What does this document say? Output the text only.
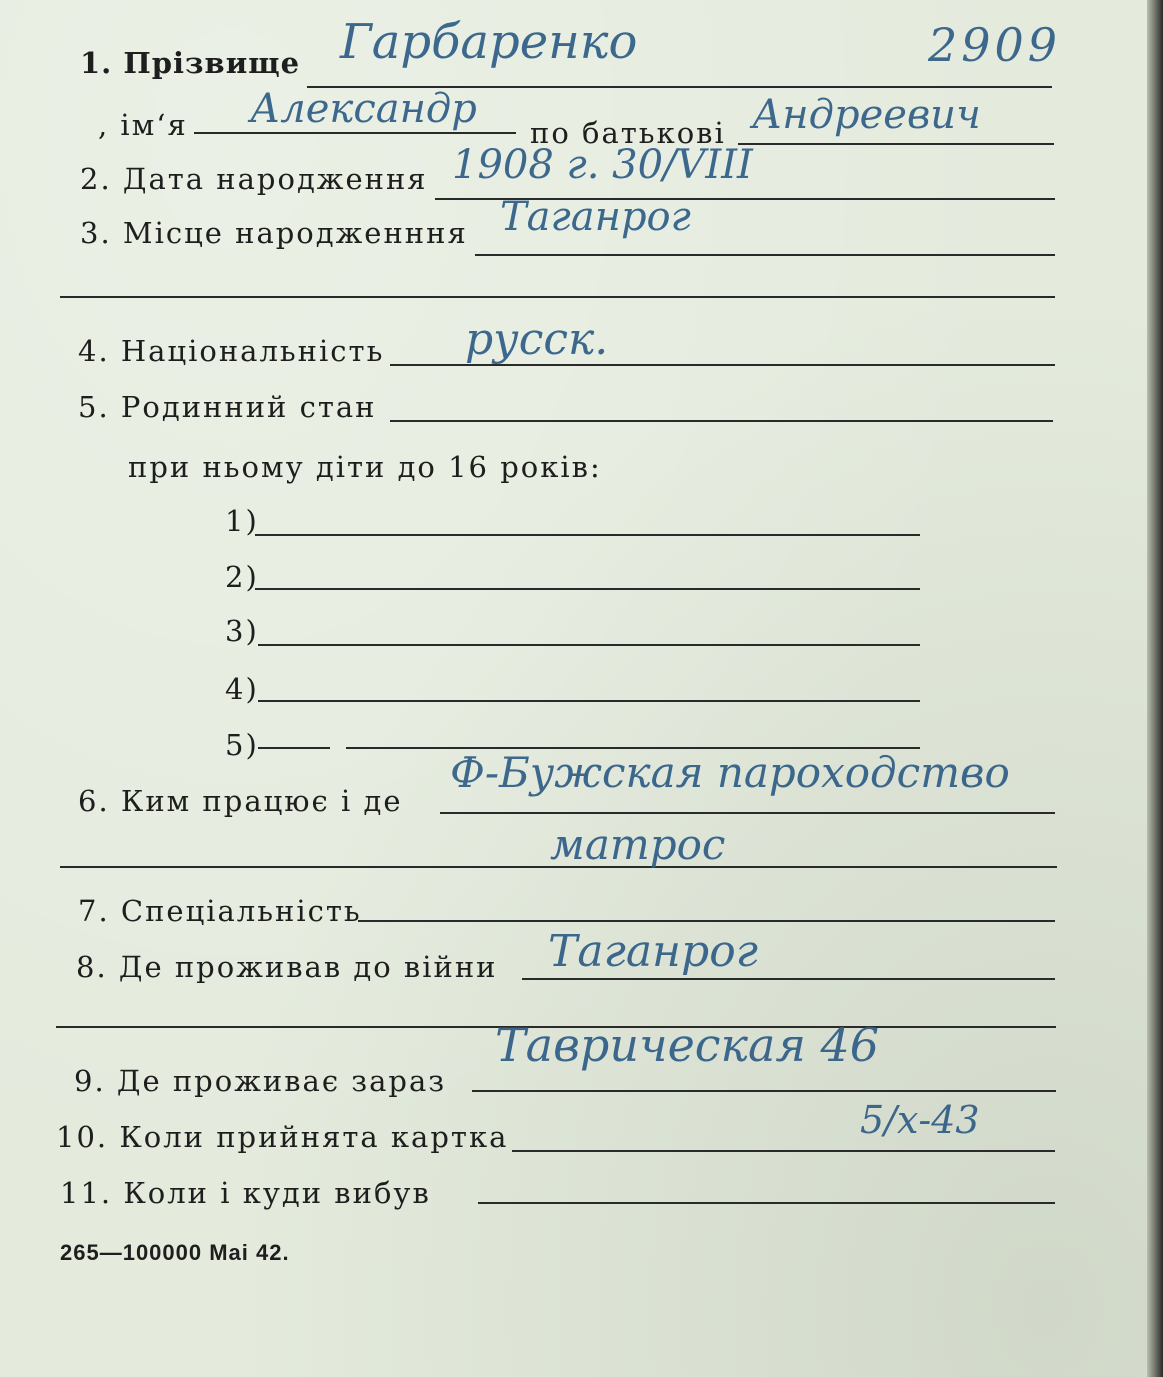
2909
1. Прізвище Гарбаренко
, ім‘я Александр
по батькові Андреевич
2. Дата народження 1908 г. 30/VIII
3. Місце народженння Таганрог
4. Національність русск.
5. Родинний стан
при ньому діти до 16 років:
1)
2)
3)
4)
5)
6. Ким працює і де
Ф-Бужская пароходство
матрос
7. Спеціальність
8. Де проживав до війни Таганрог
9. Де проживає зараз
Таврическая 46
10. Коли прийнята картка	5/х-43
11. Коли і куди вибув
265—100000 Mai 42.
